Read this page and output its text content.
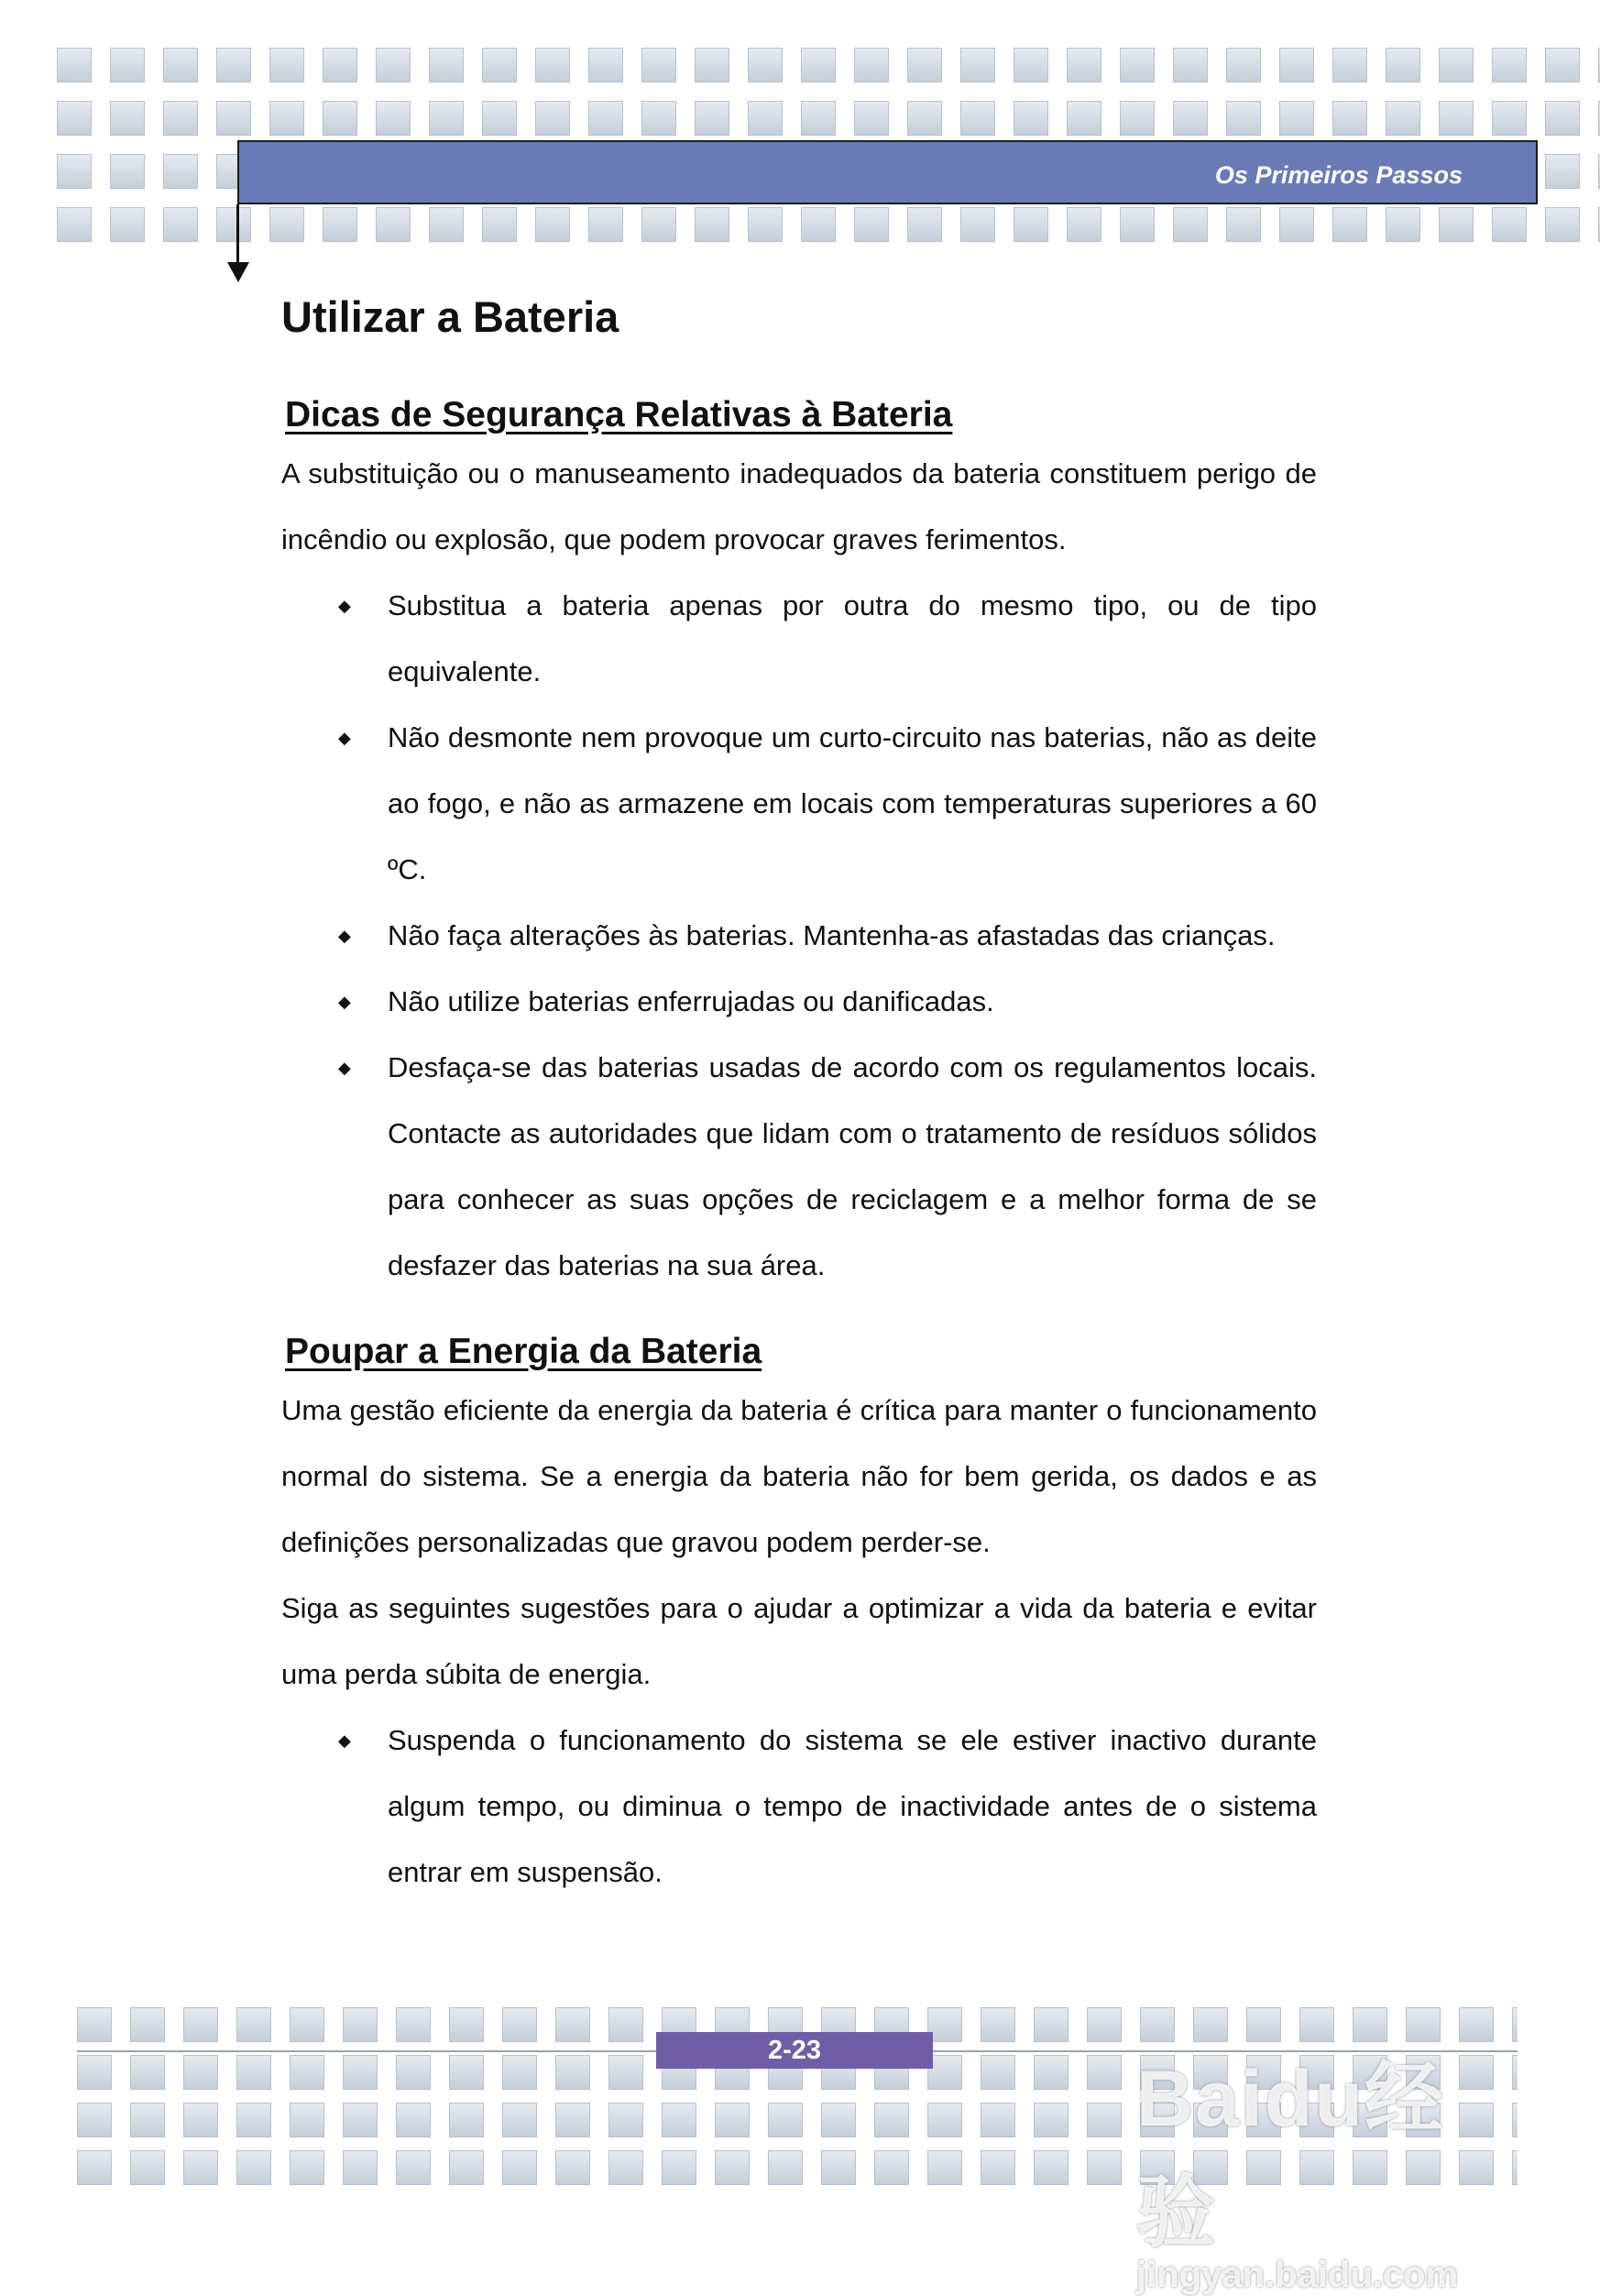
Os Primeiros Passos
Utilizar a Bateria
Dicas de Segurança Relativas à Bateria

A substituição ou o manuseamento inadequados da bateria constituem perigo de incêndio ou explosão, que podem provocar graves ferimentos.

◆ Substitua a bateria apenas por outra do mesmo tipo, ou de tipo equivalente.
◆ Não desmonte nem provoque um curto-circuito nas baterias, não as deite ao fogo, e não as armazene em locais com temperaturas superiores a 60 ºC.
◆ Não faça alterações às baterias. Mantenha-as afastadas das crianças.
◆ Não utilize baterias enferrujadas ou danificadas.
◆ Desfaça-se das baterias usadas de acordo com os regulamentos locais. Contacte as autoridades que lidam com o tratamento de resíduos sólidos para conhecer as suas opções de reciclagem e a melhor forma de se desfazer das baterias na sua área.
Poupar a Energia da Bateria

Uma gestão eficiente da energia da bateria é crítica para manter o funcionamento normal do sistema. Se a energia da bateria não for bem gerida, os dados e as definições personalizadas que gravou podem perder-se.

Siga as seguintes sugestões para o ajudar a optimizar a vida da bateria e evitar uma perda súbita de energia.

◆ Suspenda o funcionamento do sistema se ele estiver inactivo durante algum tempo, ou diminua o tempo de inactividade antes de o sistema entrar em suspensão.
2-23
Baidu经验
jingyan.baidu.com
